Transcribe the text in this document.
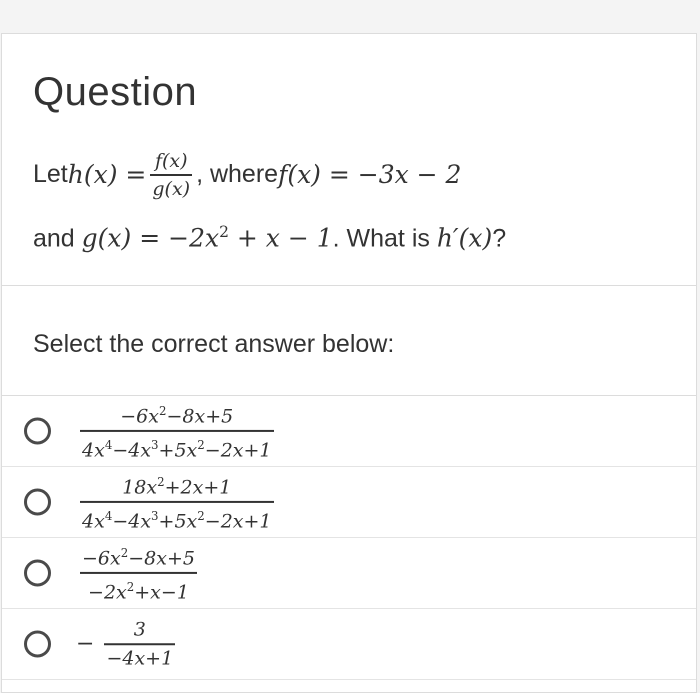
Question
Let $h(x) = \frac{f(x)}{g(x)}$ , where f(x) = −3x − 2
and $g(x) = -2x^2 + x - 1$. What is h′(x)?
Select the correct answer below:
$\frac{-6x^2-8x+5}{4x^4-4x^3+5x^2-2x+1}$
$\frac{18x^2+2x+1}{4x^4-4x^3+5x^2-2x+1}$
$\frac{-6x^2-8x+5}{-2x^2+x-1}$
− $\frac{3}{-4x+1}$
